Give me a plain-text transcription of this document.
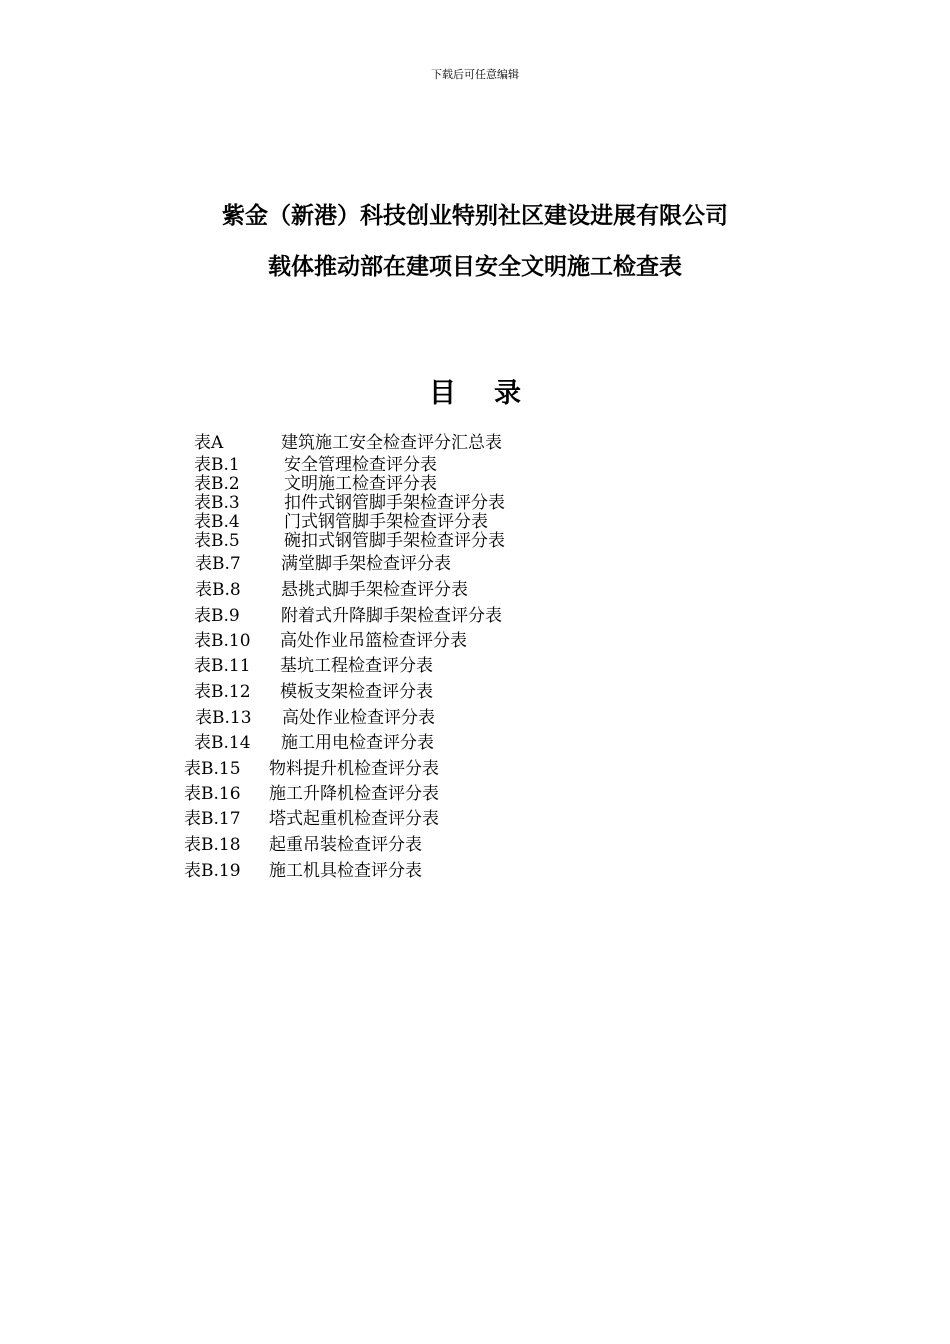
下载后可任意编辑
紫金（新港）科技创业特别社区建设进展有限公司
载体推动部在建项目安全文明施工检查表
目 录
表A	建筑施工安全检查评分汇总表
表B.1	安全管理检查评分表
表B.2	文明施工检查评分表
表B.3	扣件式钢管脚手架检查评分表
表B.4	门式钢管脚手架检查评分表
表B.5	碗扣式钢管脚手架检查评分表
表B.7 满堂脚手架检查评分表
表B.8 悬挑式脚手架检查评分表
表B.9 附着式升降脚手架检查评分表
表B.10 高处作业吊篮检查评分表
表B.11 基坑工程检查评分表
表B.12 模板支架检查评分表
表B.13 高处作业检查评分表
表B.14 施工用电检查评分表
表B.15 物料提升机检查评分表
表B.16 施工升降机检查评分表
表B.17 塔式起重机检查评分表
表B.18 起重吊装检查评分表
表B.19 施工机具检查评分表
